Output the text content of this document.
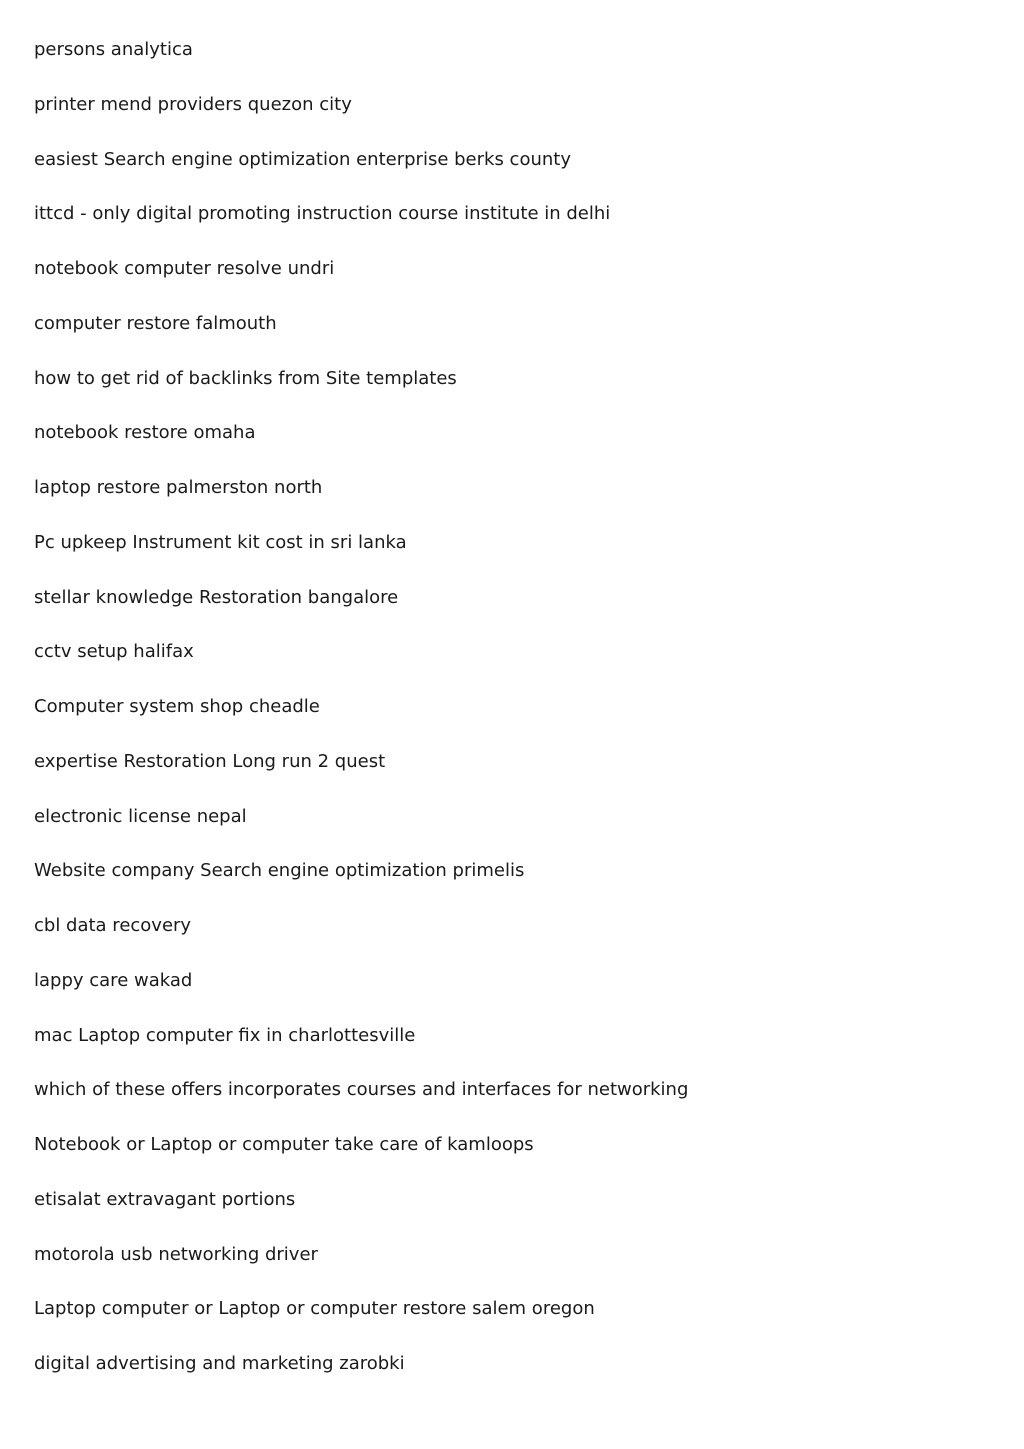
persons analytica
printer mend providers quezon city
easiest Search engine optimization enterprise berks county
ittcd - only digital promoting instruction course institute in delhi
notebook computer resolve undri
computer restore falmouth
how to get rid of backlinks from Site templates
notebook restore omaha
laptop restore palmerston north
Pc upkeep Instrument kit cost in sri lanka
stellar knowledge Restoration bangalore
cctv setup halifax
Computer system shop cheadle
expertise Restoration Long run 2 quest
electronic license nepal
Website company Search engine optimization primelis
cbl data recovery
lappy care wakad
mac Laptop computer fix in charlottesville
which of these offers incorporates courses and interfaces for networking
Notebook or Laptop or computer take care of kamloops
etisalat extravagant portions
motorola usb networking driver
Laptop computer or Laptop or computer restore salem oregon
digital advertising and marketing zarobki
